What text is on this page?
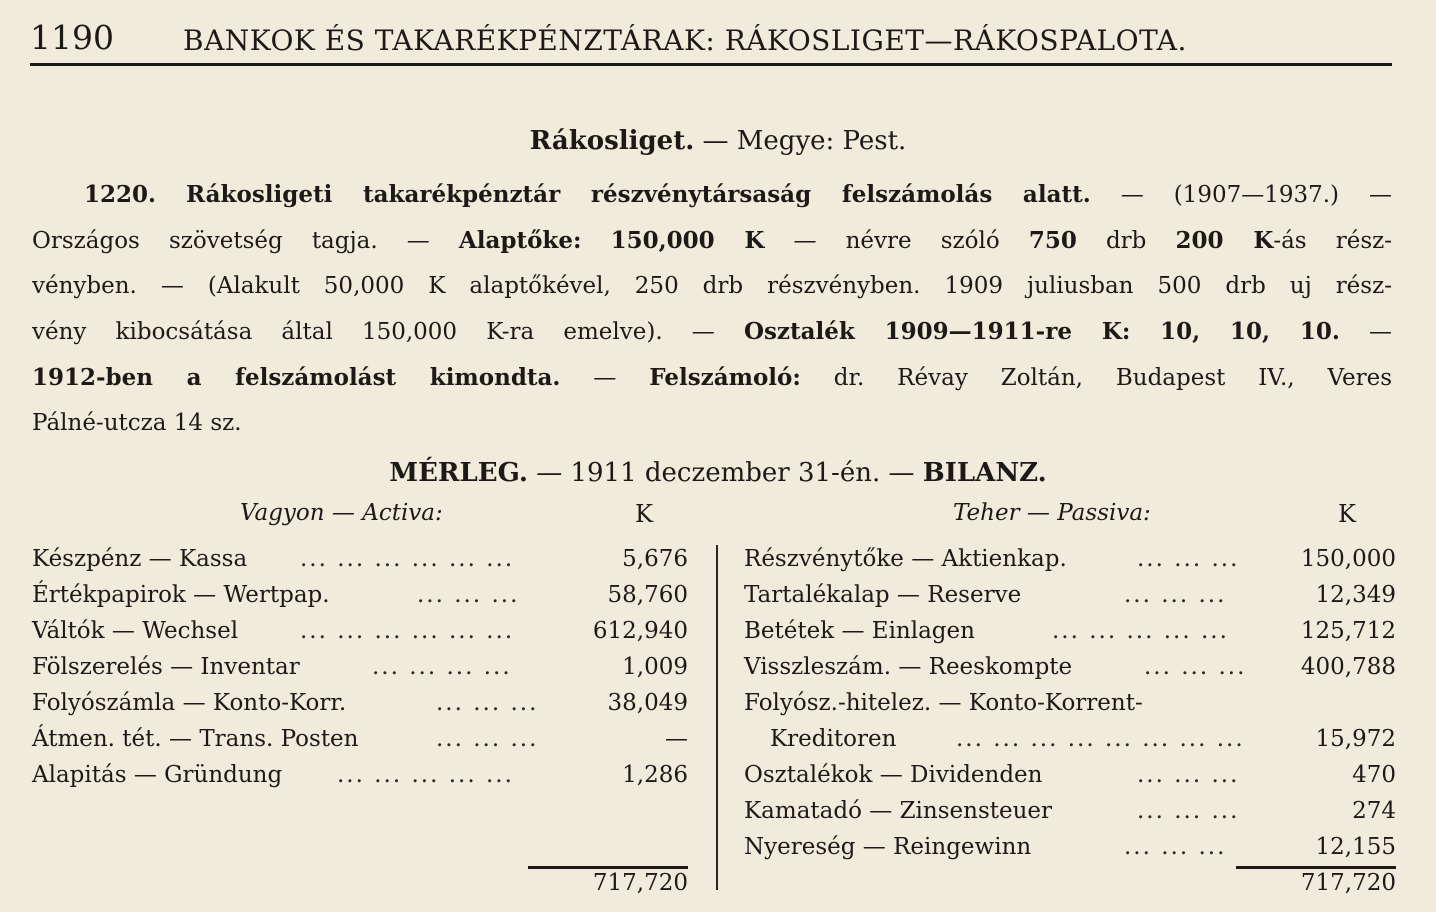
1190 BANKOK ÉS TAKARÉKPÉNZTÁRAK: RÁKOSLIGET—RÁKOSPALOTA.
Rákosliget. — Megye: Pest.
1220. Rákosligeti takarékpénztár részvénytársaság felszámolás alatt. — (1907—1937.) —
Országos szövetség tagja. — Alaptőke: 150,000 K — névre szóló 750 drb 200 K-ás rész-
vényben. — (Alakult 50,000 K alaptőkével, 250 drb részvényben. 1909 juliusban 500 drb uj rész-
vény kibocsátása által 150,000 K-ra emelve). — Osztalék 1909—1911-re K: 10, 10, 10. —
1912-ben a felszámolást kimondta. — Felszámoló: dr. Révay Zoltán, Budapest IV., Veres
Pálné-utcza 14 sz.
MÉRLEG. — 1911 deczember 31-én. — BILANZ.
Vagyon — Activa:	K	Teher — Passiva:	K
Készpénz — Kassa ... ... ... ... ... ...	5,676
Értékpapirok — Wertpap.	... ... ...	58,760
Váltók — Wechsel	... ... ... ... ... ...	612,940
Fölszerelés — Inventar	... ... ... ...	1,009
Folyószámla — Konto-Korr.	... ... ...	38,049
Átmen. tét. — Trans. Posten	... ... ...	—
Alapitás — Gründung ... ... ... ... ...	1,286
Részvénytőke — Aktienkap.	... ... ...	150,000
Tartalékalap — Reserve	... ... ...	12,349
Betétek — Einlagen	... ... ... ... ...	125,712
Visszleszám. — Reeskompte	... ... ...	400,788
Folyósz.-hitelez. — Konto-Korrent-
Kreditoren	... ... ... ... ... ... ... ...	15,972
Osztalékok — Dividenden	... ... ...	470
Kamatadó — Zinsensteuer	... ... ...	274
Nyereség — Reingewinn	... ... ...	12,155
717,720	717,720
